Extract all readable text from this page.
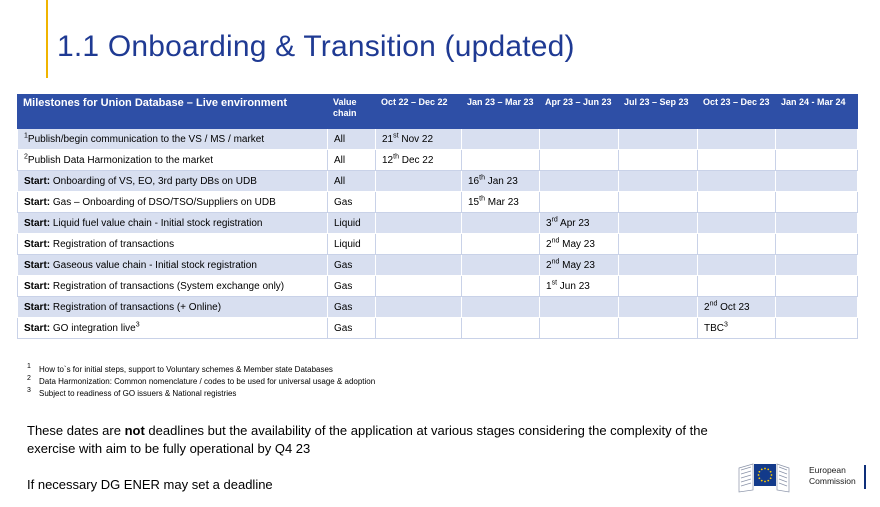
1.1 Onboarding & Transition (updated)
Milestones for Union Database – Live environment	Value chain	Oct 22 – Dec 22	Jan 23 – Mar 23	Apr 23 – Jun 23	Jul 23 – Sep 23	Oct 23 – Dec 23	Jan 24 - Mar 24
$^1$Publish/begin communication to the VS / MS / market	All	21st Nov 22					
$^2$Publish Data Harmonization to the market	All	12th Dec 22					
Start: Onboarding of VS, EO, 3rd party DBs on UDB	All		16th Jan 23				
Start: Gas – Onboarding of DSO/TSO/Suppliers on UDB	Gas		15th Mar 23				
Start: Liquid fuel value chain - Initial stock registration	Liquid			3rd Apr 23			
Start: Registration of transactions	Liquid			2nd May 23			
Start: Gaseous value chain - Initial stock registration	Gas			2nd May 23			
Start: Registration of transactions (System exchange only)	Gas			1st Jun 23			
Start: Registration of transactions (+ Online)	Gas					2nd Oct 23	
Start: GO integration live$^3$	Gas					TBC$^3$	
1 How to`s for initial steps, support to Voluntary schemes & Member state Databases
2 Data Harmonization: Common nomenclature / codes to be used for universal usage & adoption
3 Subject to readiness of GO issuers & National registries

These dates are not deadlines but the availability of the application at various stages considering the complexity of the exercise with aim to be fully operational by Q4 23

If necessary DG ENER may set a deadline
European
Commission
